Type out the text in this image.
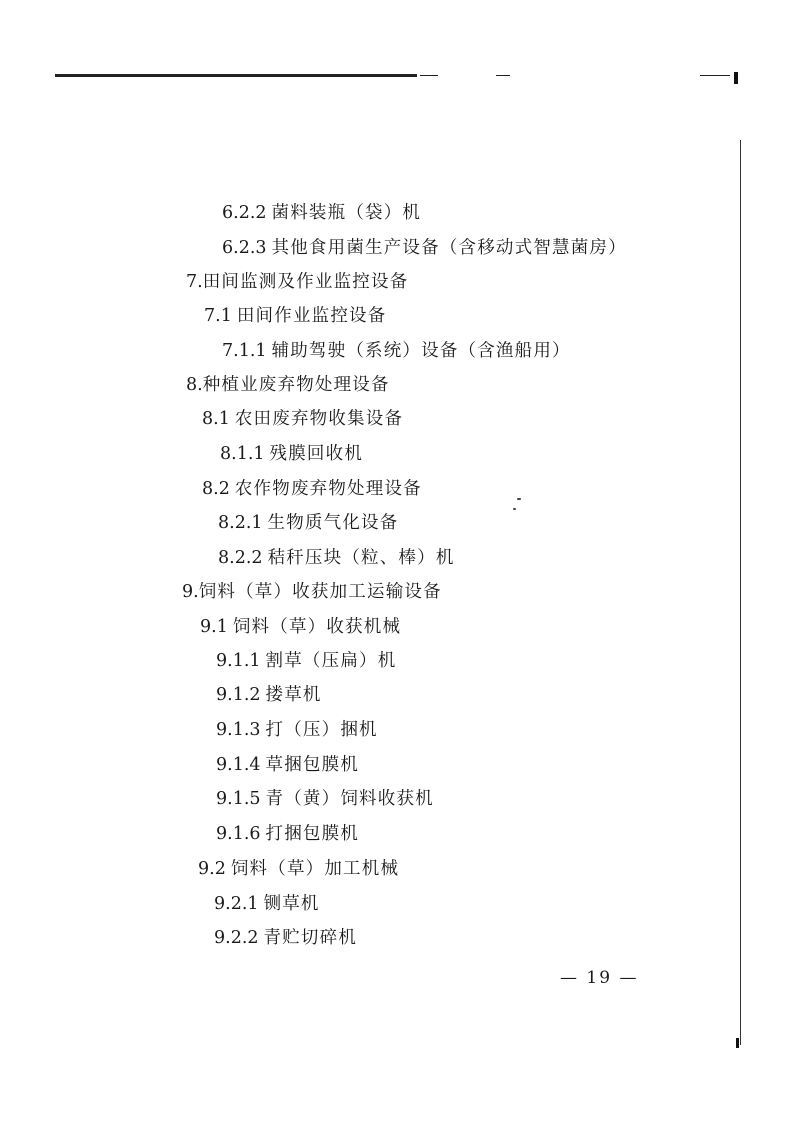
6.2.2 菌料装瓶（袋）机
6.2.3 其他食用菌生产设备（含移动式智慧菌房）
7.田间监测及作业监控设备
7.1 田间作业监控设备
7.1.1 辅助驾驶（系统）设备（含渔船用）
8.种植业废弃物处理设备
8.1 农田废弃物收集设备
8.1.1 残膜回收机
8.2 农作物废弃物处理设备
8.2.1 生物质气化设备
8.2.2 秸秆压块（粒、棒）机
9.饲料（草）收获加工运输设备
9.1 饲料（草）收获机械
9.1.1 割草（压扁）机
9.1.2 搂草机
9.1.3 打（压）捆机
9.1.4 草捆包膜机
9.1.5 青（黄）饲料收获机
9.1.6 打捆包膜机
9.2 饲料（草）加工机械
9.2.1 铡草机
9.2.2 青贮切碎机
— 19 —
